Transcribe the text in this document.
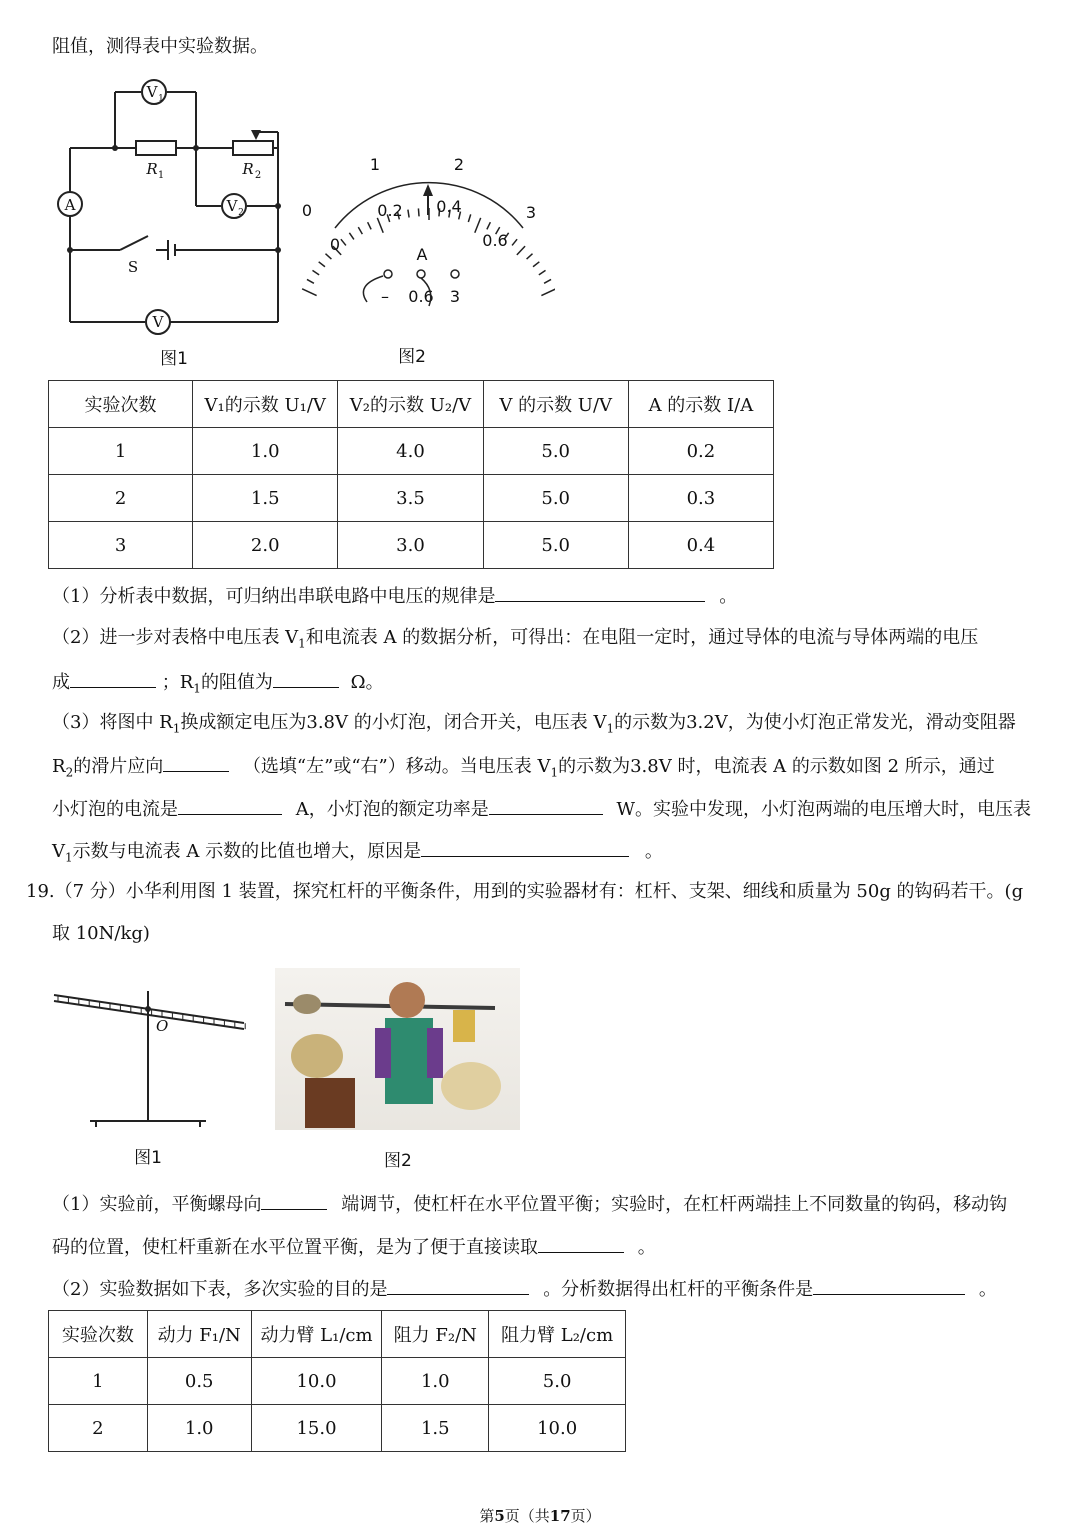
阻值，测得表中实验数据。
V 1
R 1	R 2
A	V 2
S
V
图1
0
1	2
3
0
0.2 0.4
0.6
A
– 0.6 3
图2
实验次数	V₁的示数 U₁/V	V₂的示数 U₂/V	V 的示数 U/V	A 的示数 I/A
1	1.0	4.0	5.0	0.2
2	1.5	3.5	5.0	0.3
3	2.0	3.0	5.0	0.4
（1）分析表中数据，可归纳出串联电路中电压的规律是	。
（2）进一步对表格中电压表 $V_1$和电流表 A 的数据分析，可得出：在电阻一定时，通过导体的电流与导体两端的电压
成	；$R_1$的阻值为	Ω。
（3）将图中 $R_1$换成额定电压为3.8V 的小灯泡，闭合开关，电压表 $V_1$的示数为3.2V，为使小灯泡正常发光，滑动变阻器
$R_2$的滑片应向	（选填“左”或“右”）移动。当电压表 $V_1$的示数为3.8V 时，电流表 A 的示数如图 2 所示，通过
小灯泡的电流是	A，小灯泡的额定功率是	W。实验中发现，小灯泡两端的电压增大时，电压表
$V_1$示数与电流表 A 示数的比值也增大，原因是	。
19.（7 分）小华利用图 1 装置，探究杠杆的平衡条件，用到的实验器材有：杠杆、支架、细线和质量为 50g 的钩码若干。(g
取 10N/kg)
O
图1	图2
（1）实验前，平衡螺母向	端调节，使杠杆在水平位置平衡；实验时，在杠杆两端挂上不同数量的钩码，移动钩
码的位置，使杠杆重新在水平位置平衡，是为了便于直接读取	。
（2）实验数据如下表，多次实验的目的是	。分析数据得出杠杆的平衡条件是	。
实验次数	动力 F₁/N	动力臂 L₁/cm	阻力 F₂/N	阻力臂 L₂/cm
1	0.5	10.0	1.0	5.0
2	1.0	15.0	1.5	10.0
第5页（共17页）
